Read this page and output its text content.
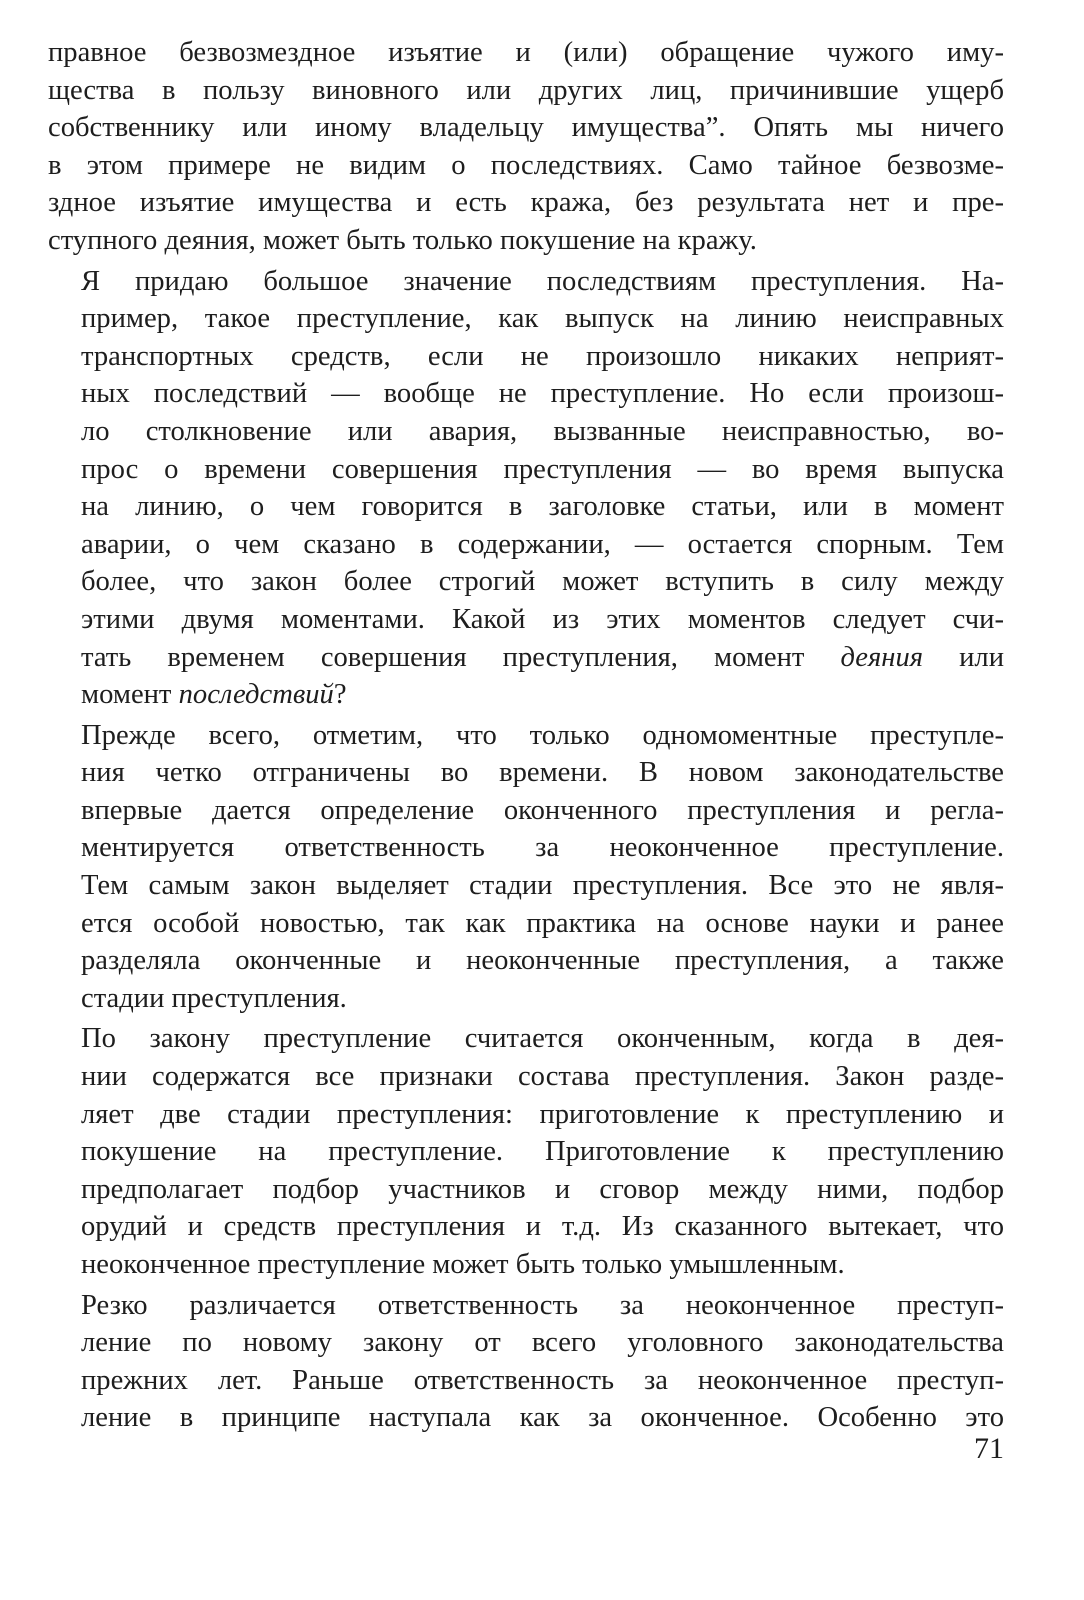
правное безвозмездное изъятие и (или) обращение чужого иму-
щества в пользу виновного или других лиц, причинившие ущерб
собственнику или иному владельцу имущества”. Опять мы ничего
в этом примере не видим о последствиях. Само тайное безвозме-
здное изъятие имущества и есть кража, без результата нет и пре-
ступного деяния, может быть только покушение на кражу.
Я придаю большое значение последствиям преступления. На-
пример, такое преступление, как выпуск на линию неисправных
транспортных средств, если не произошло никаких неприят-
ных последствий — вообще не преступление. Но если произош-
ло столкновение или авария, вызванные неисправностью, во-
прос о времени совершения преступления — во время выпуска
на линию, о чем говорится в заголовке статьи, или в момент
аварии, о чем сказано в содержании, — остается спорным. Тем
более, что закон более строгий может вступить в силу между
этими двумя моментами. Какой из этих моментов следует счи-
тать временем совершения преступления, момент деяния или
момент последствий?
Прежде всего, отметим, что только одномоментные преступле-
ния четко отграничены во времени. В новом законодательстве
впервые дается определение оконченного преступления и регла-
ментируется ответственность за неоконченное преступление.
Тем самым закон выделяет стадии преступления. Все это не явля-
ется особой новостью, так как практика на основе науки и ранее
разделяла оконченные и неоконченные преступления, а также
стадии преступления.
По закону преступление считается оконченным, когда в дея-
нии содержатся все признаки состава преступления. Закон разде-
ляет две стадии преступления: приготовление к преступлению и
покушение на преступление. Приготовление к преступлению
предполагает подбор участников и сговор между ними, подбор
орудий и средств преступления и т.д. Из сказанного вытекает, что
неоконченное преступление может быть только умышленным.
Резко различается ответственность за неоконченное преступ-
ление по новому закону от всего уголовного законодательства
прежних лет. Раньше ответственность за неоконченное преступ-
ление в принципе наступала как за оконченное. Особенно это
71
